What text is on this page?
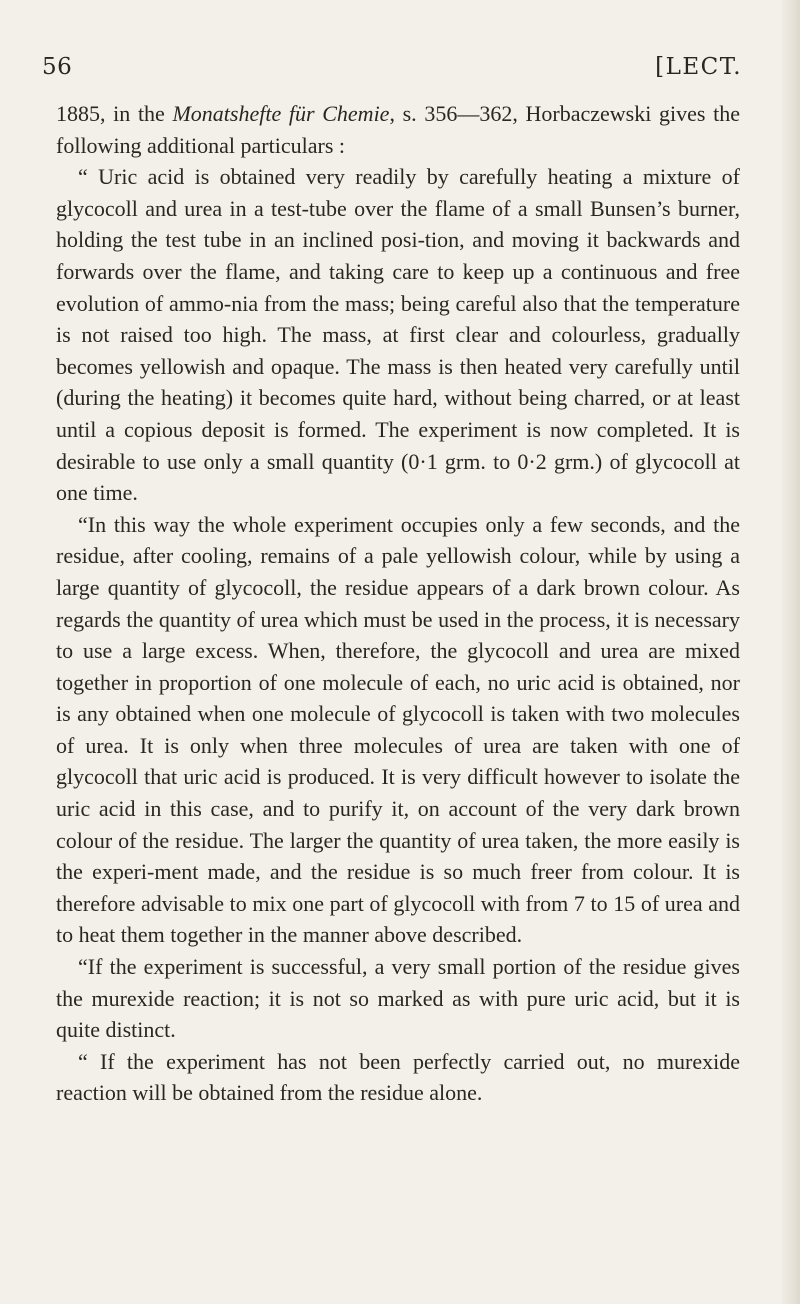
56	[LECT.

1885, in the Monatshefte für Chemie, s. 356—362, Horbaczewski gives the following additional particulars :

“ Uric acid is obtained very readily by carefully heating a mixture of glycocoll and urea in a test-tube over the flame of a small Bunsen’s burner, holding the test tube in an inclined posi-tion, and moving it backwards and forwards over the flame, and taking care to keep up a continuous and free evolution of ammo-nia from the mass; being careful also that the temperature is not raised too high. The mass, at first clear and colourless, gradually becomes yellowish and opaque. The mass is then heated very carefully until (during the heating) it becomes quite hard, without being charred, or at least until a copious deposit is formed. The experiment is now completed. It is desirable to use only a small quantity (0·1 grm. to 0·2 grm.) of glycocoll at one time.

“In this way the whole experiment occupies only a few seconds, and the residue, after cooling, remains of a pale yellowish colour, while by using a large quantity of glycocoll, the residue appears of a dark brown colour. As regards the quantity of urea which must be used in the process, it is necessary to use a large excess. When, therefore, the glycocoll and urea are mixed together in proportion of one molecule of each, no uric acid is obtained, nor is any obtained when one molecule of glycocoll is taken with two molecules of urea. It is only when three molecules of urea are taken with one of glycocoll that uric acid is produced. It is very difficult however to isolate the uric acid in this case, and to purify it, on account of the very dark brown colour of the residue. The larger the quantity of urea taken, the more easily is the experi-ment made, and the residue is so much freer from colour. It is therefore advisable to mix one part of glycocoll with from 7 to 15 of urea and to heat them together in the manner above described.

“If the experiment is successful, a very small portion of the residue gives the murexide reaction; it is not so marked as with pure uric acid, but it is quite distinct.

“ If the experiment has not been perfectly carried out, no murexide reaction will be obtained from the residue alone.
